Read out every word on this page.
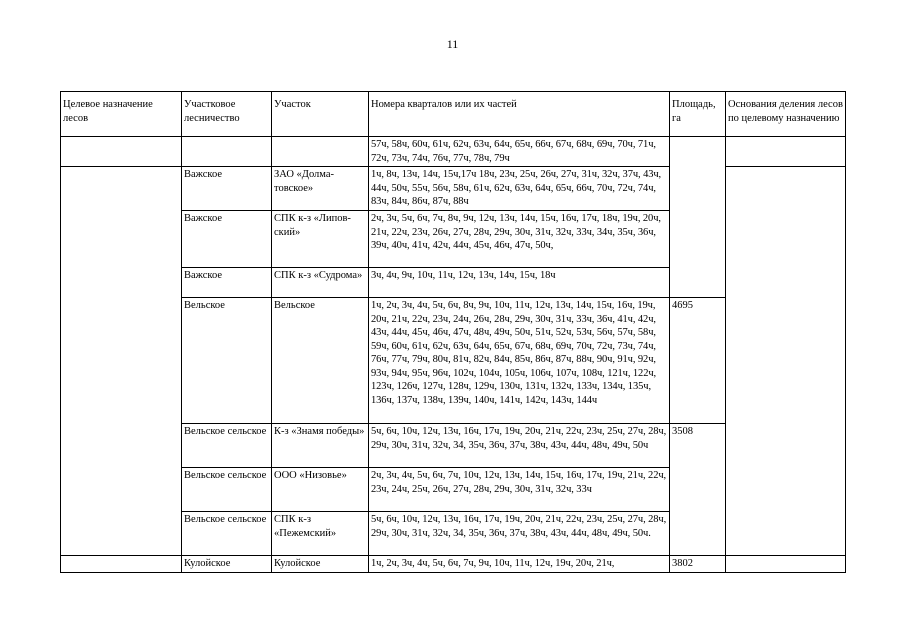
11
Целевое назначение лесов	Участковое лесничество	Участок	Номера кварталов или их частей	Площадь, га	Основания деления лесов по целевому назначению
			57ч, 58ч, 60ч, 61ч, 62ч, 63ч, 64ч, 65ч, 66ч, 67ч, 68ч, 69ч, 70ч, 71ч, 72ч, 73ч, 74ч, 76ч, 77ч, 78ч, 79ч		
	Важское	ЗАО «Долма-товское»	1ч, 8ч, 13ч, 14ч, 15ч,17ч 18ч, 23ч, 25ч, 26ч, 27ч, 31ч, 32ч, 37ч, 43ч, 44ч, 50ч, 55ч, 56ч, 58ч, 61ч, 62ч, 63ч, 64ч, 65ч, 66ч, 70ч, 72ч, 74ч, 83ч, 84ч, 86ч, 87ч, 88ч		
	Важское	СПК к-з «Липов-ский»	2ч, 3ч, 5ч, 6ч, 7ч, 8ч, 9ч, 12ч, 13ч, 14ч, 15ч, 16ч, 17ч, 18ч, 19ч, 20ч, 21ч, 22ч, 23ч, 26ч, 27ч, 28ч, 29ч, 30ч, 31ч, 32ч, 33ч, 34ч, 35ч, 36ч, 39ч, 40ч, 41ч, 42ч, 44ч, 45ч, 46ч, 47ч, 50ч,		
	Важское	СПК к-з «Судрома»	3ч, 4ч, 9ч, 10ч, 11ч, 12ч, 13ч, 14ч, 15ч, 18ч		
	Вельское	Вельское	1ч, 2ч, 3ч, 4ч, 5ч, 6ч, 8ч, 9ч, 10ч, 11ч, 12ч, 13ч, 14ч, 15ч, 16ч, 19ч, 20ч, 21ч, 22ч, 23ч, 24ч, 26ч, 28ч, 29ч, 30ч, 31ч, 33ч, 36ч, 41ч, 42ч, 43ч, 44ч, 45ч, 46ч, 47ч, 48ч, 49ч, 50ч, 51ч, 52ч, 53ч, 56ч, 57ч, 58ч, 59ч, 60ч, 61ч, 62ч, 63ч, 64ч, 65ч, 67ч, 68ч, 69ч, 70ч, 72ч, 73ч, 74ч, 76ч, 77ч, 79ч, 80ч, 81ч, 82ч, 84ч, 85ч, 86ч, 87ч, 88ч, 90ч, 91ч, 92ч, 93ч, 94ч, 95ч, 96ч, 102ч, 104ч, 105ч, 106ч, 107ч, 108ч, 121ч, 122ч, 123ч, 126ч, 127ч, 128ч, 129ч, 130ч, 131ч, 132ч, 133ч, 134ч, 135ч, 136ч, 137ч, 138ч, 139ч, 140ч, 141ч, 142ч, 143ч, 144ч	4695	
	Вельское сельское	К-з «Знамя победы»	5ч, 6ч, 10ч, 12ч, 13ч, 16ч, 17ч, 19ч, 20ч, 21ч, 22ч, 23ч, 25ч, 27ч, 28ч, 29ч, 30ч, 31ч, 32ч, 34, 35ч, 36ч, 37ч, 38ч, 43ч, 44ч, 48ч, 49ч, 50ч	3508	
	Вельское сельское	ООО «Низовье»	2ч, 3ч, 4ч, 5ч, 6ч, 7ч, 10ч, 12ч, 13ч, 14ч, 15ч, 16ч, 17ч, 19ч, 21ч, 22ч, 23ч, 24ч, 25ч, 26ч, 27ч, 28ч, 29ч, 30ч, 31ч, 32ч, 33ч		
	Вельское сельское	СПК к-з «Пежемский»	5ч, 6ч, 10ч, 12ч, 13ч, 16ч, 17ч, 19ч, 20ч, 21ч, 22ч, 23ч, 25ч, 27ч, 28ч, 29ч, 30ч, 31ч, 32ч, 34, 35ч, 36ч, 37ч, 38ч, 43ч, 44ч, 48ч, 49ч, 50ч.		
	Кулойское	Кулойское	1ч, 2ч, 3ч, 4ч, 5ч, 6ч, 7ч, 9ч, 10ч, 11ч, 12ч, 19ч, 20ч, 21ч,	3802	
